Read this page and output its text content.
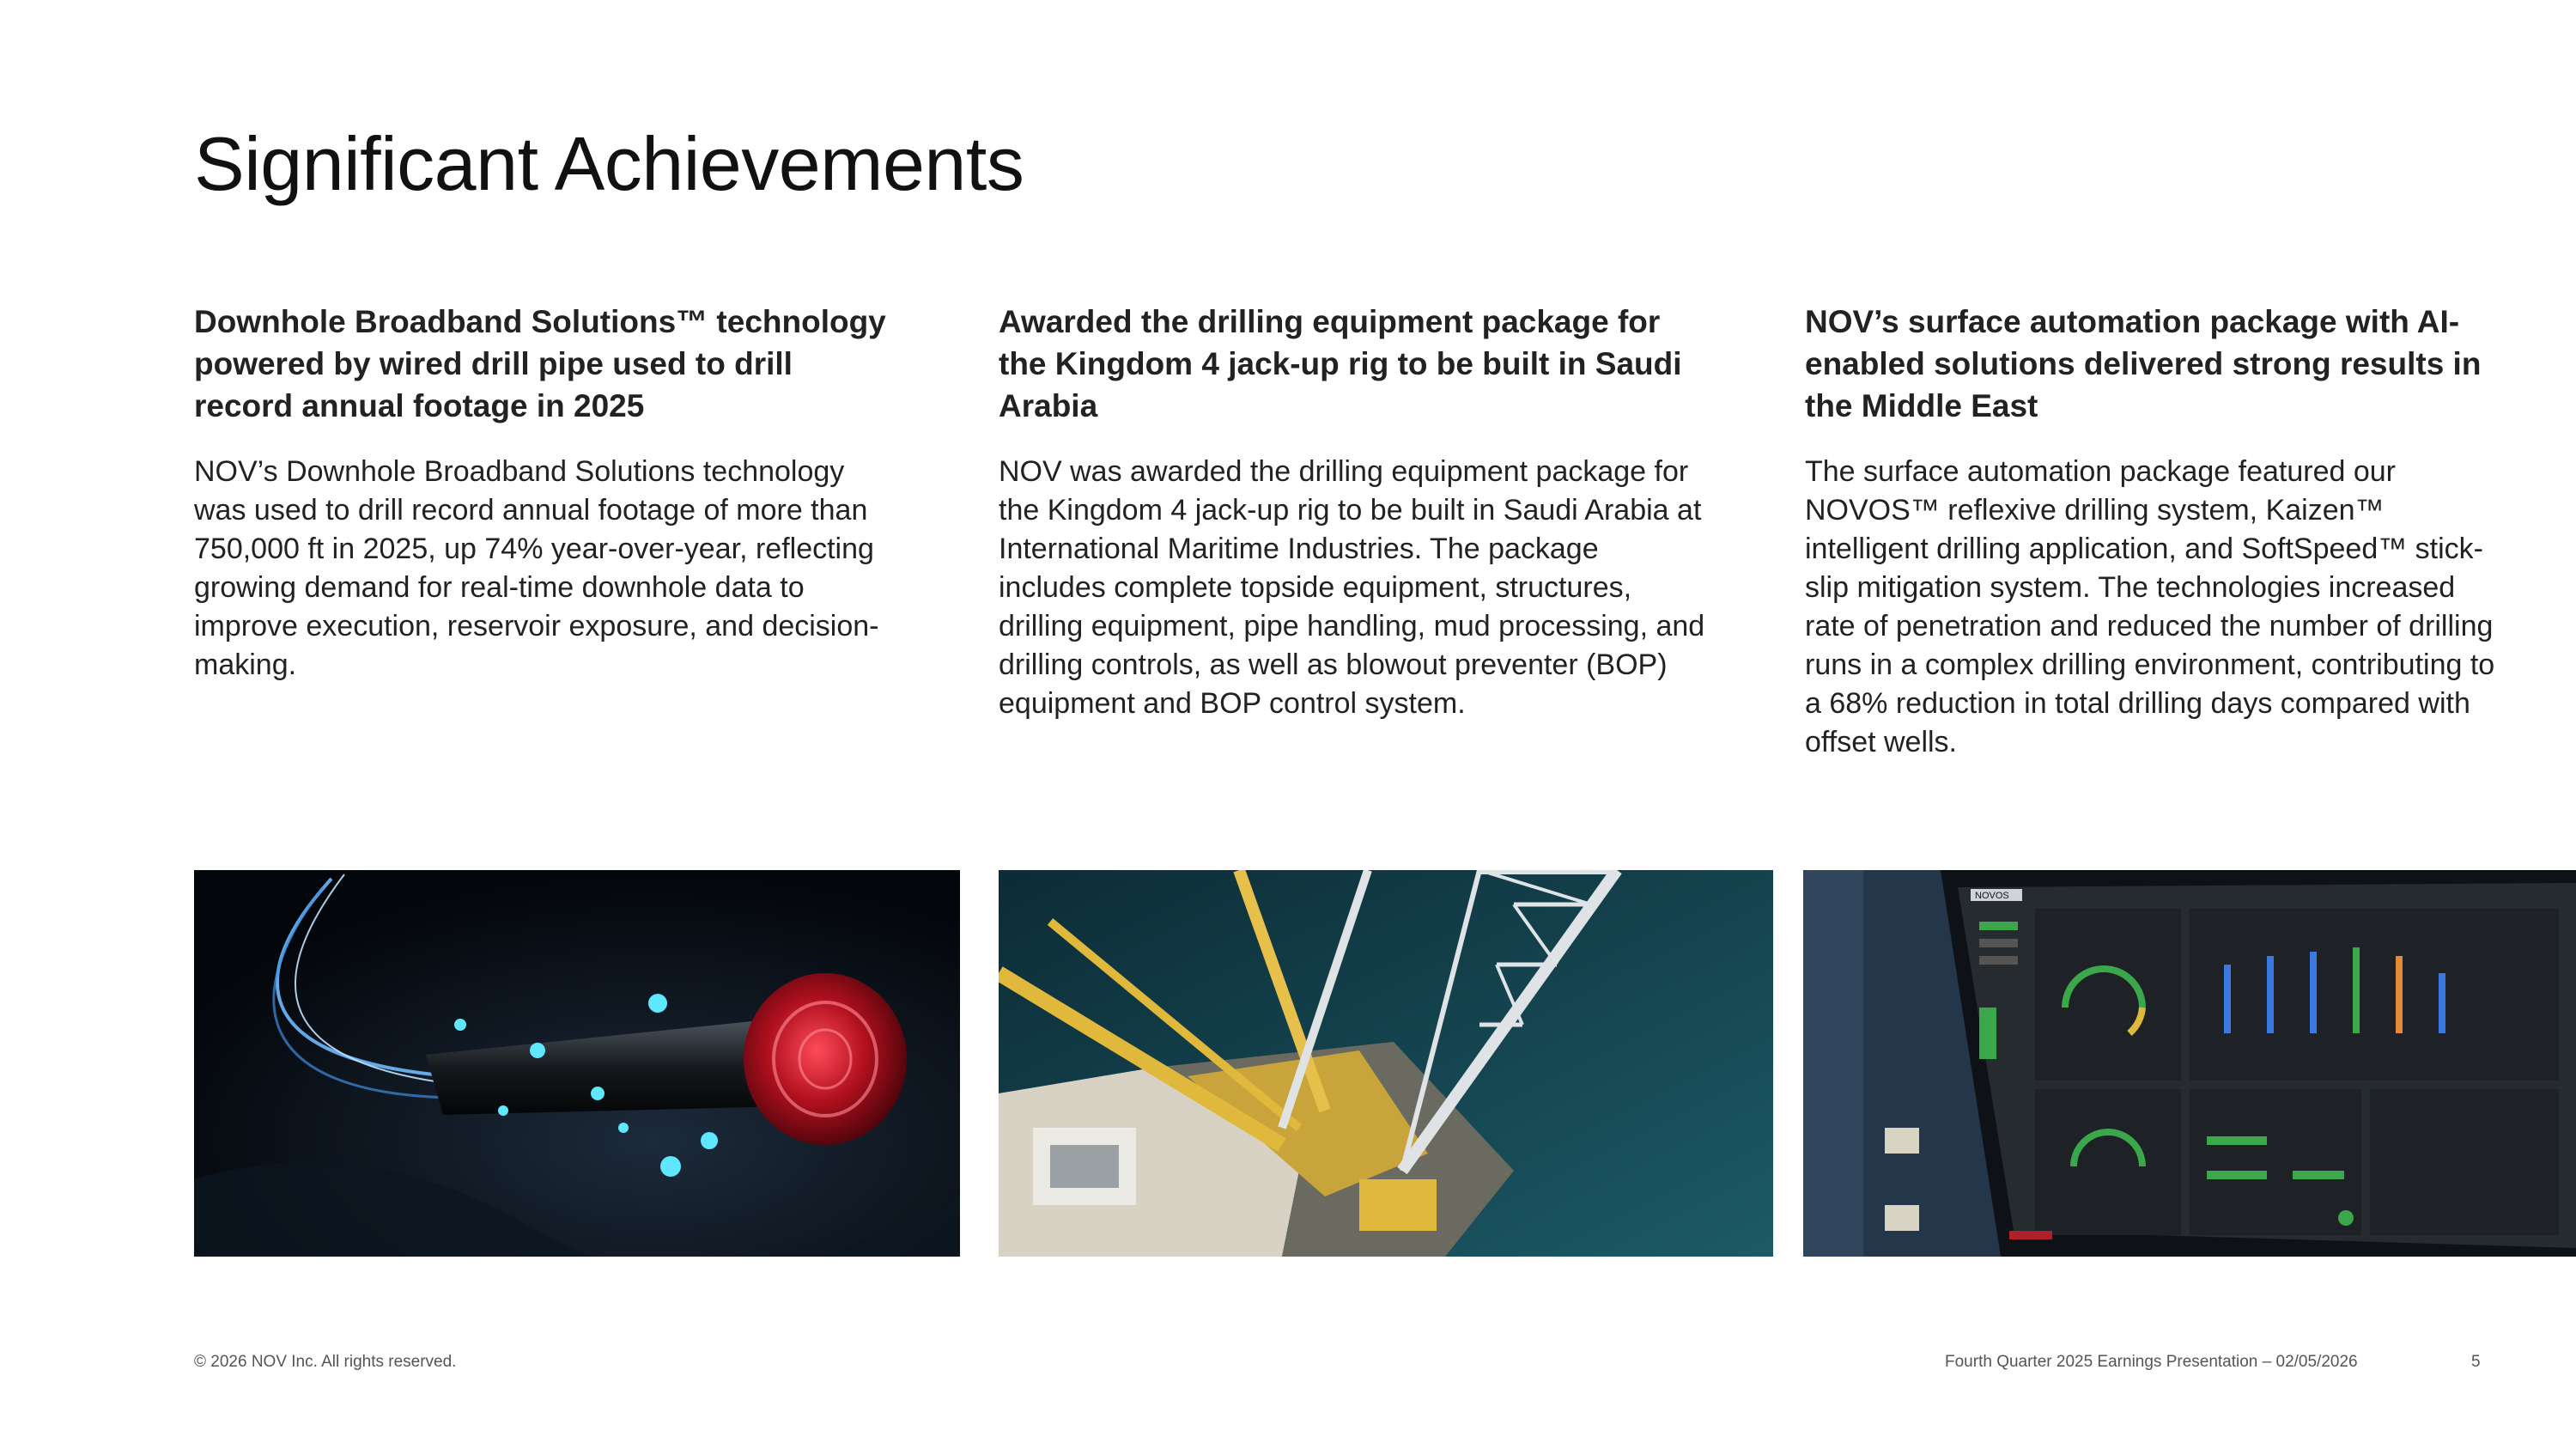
Significant Achievements
Downhole Broadband Solutions™ technology powered by wired drill pipe used to drill record annual footage in 2025

NOV’s Downhole Broadband Solutions technology was used to drill record annual footage of more than 750,000 ft in 2025, up 74% year-over-year, reflecting growing demand for real-time downhole data to improve execution, reservoir exposure, and decision-making.

Awarded the drilling equipment package for the Kingdom 4 jack-up rig to be built in Saudi Arabia

NOV was awarded the drilling equipment package for the Kingdom 4 jack-up rig to be built in Saudi Arabia at International Maritime Industries. The package includes complete topside equipment, structures, drilling equipment, pipe handling, mud processing, and drilling controls, as well as blowout preventer (BOP) equipment and BOP control system.

NOV’s surface automation package with AI-enabled solutions delivered strong results in the Middle East

The surface automation package featured our NOVOS™ reflexive drilling system, Kaizen™ intelligent drilling application, and SoftSpeed™ stick-slip mitigation system. The technologies increased rate of penetration and reduced the number of drilling runs in a complex drilling environment, contributing to a 68% reduction in total drilling days compared with offset wells.

NOVOS
© 2026 NOV Inc. All rights reserved.	Fourth Quarter 2025 Earnings Presentation – 02/05/2026	5
